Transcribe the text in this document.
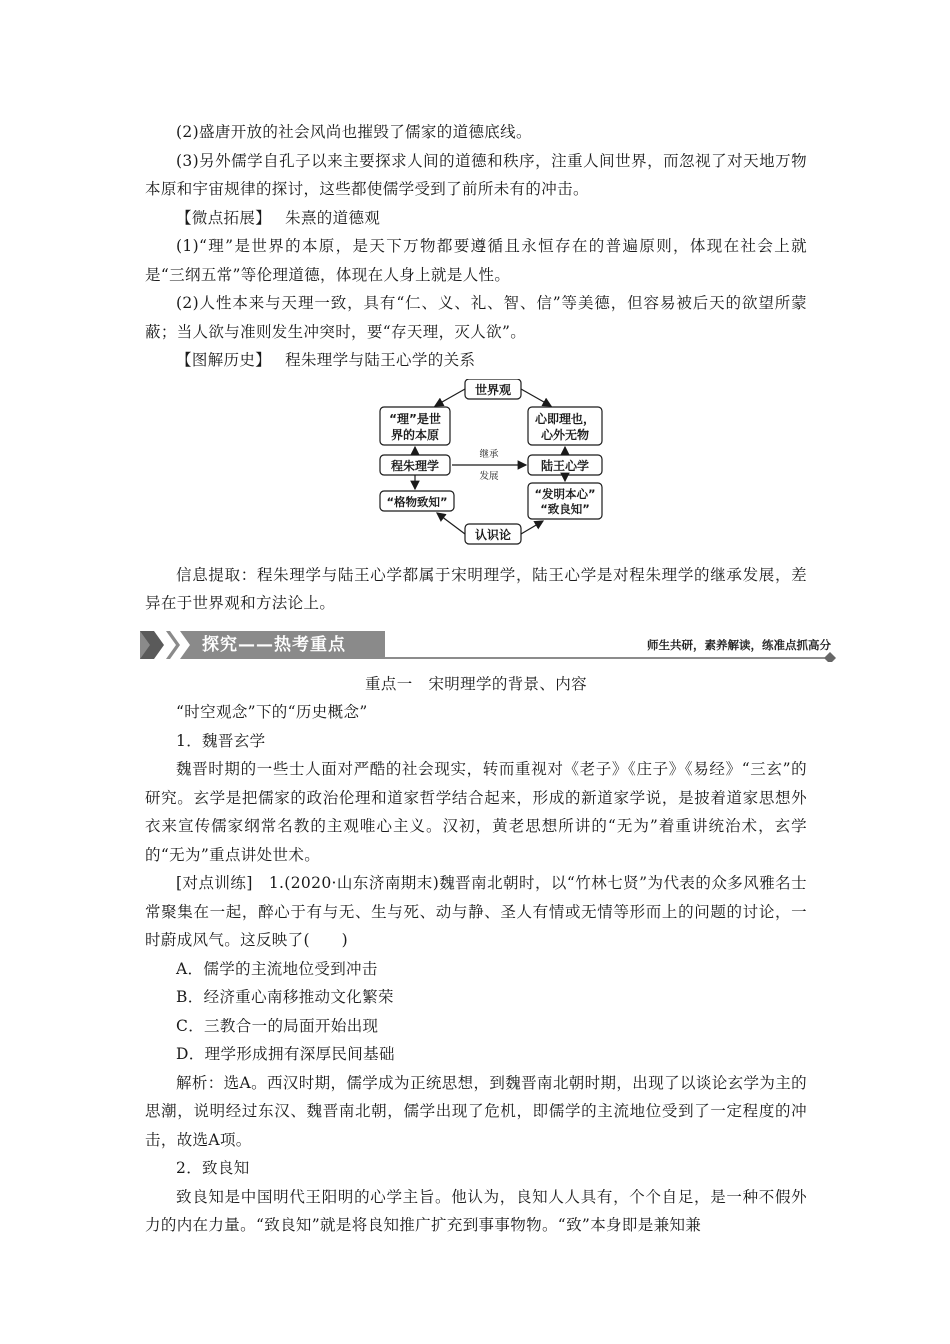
(2)盛唐开放的社会风尚也摧毁了儒家的道德底线。

(3)另外儒学自孔子以来主要探求人间的道德和秩序，注重人间世界，而忽视了对天地万物本原和宇宙规律的探讨，这些都使儒学受到了前所未有的冲击。

【微点拓展】 朱熹的道德观

(1)“理”是世界的本原，是天下万物都要遵循且永恒存在的普遍原则，体现在社会上就是“三纲五常”等伦理道德，体现在人身上就是人性。

(2)人性本来与天理一致，具有“仁、义、礼、智、信”等美德，但容易被后天的欲望所蒙蔽；当人欲与准则发生冲突时，要“存天理，灭人欲”。

【图解历史】 程朱理学与陆王心学的关系

世界观
“理”是世
界的本原
心即理也，
心外无物
程朱理学	陆王心学
“格物致知”
“发明本心”
“致良知”
认识论
继承
发展

信息提取：程朱理学与陆王心学都属于宋明理学，陆王心学是对程朱理学的继承发展，差异在于世界观和方法论上。

探究——热考重点	师生共研，素养解读，练准点抓高分

重点一　宋明理学的背景、内容

“时空观念”下的“历史概念”

1．魏晋玄学

魏晋时期的一些士人面对严酷的社会现实，转而重视对《老子》《庄子》《易经》“三玄”的研究。玄学是把儒家的政治伦理和道家哲学结合起来，形成的新道家学说，是披着道家思想外衣来宣传儒家纲常名教的主观唯心主义。汉初，黄老思想所讲的“无为”着重讲统治术，玄学的“无为”重点讲处世术。

[对点训练]　1.(2020·山东济南期末)魏晋南北朝时，以“竹林七贤”为代表的众多风雅名士常聚集在一起，醉心于有与无、生与死、动与静、圣人有情或无情等形而上的问题的讨论，一时蔚成风气。这反映了(　　)

A．儒学的主流地位受到冲击

B．经济重心南移推动文化繁荣

C．三教合一的局面开始出现

D．理学形成拥有深厚民间基础

解析：选A。西汉时期，儒学成为正统思想，到魏晋南北朝时期，出现了以谈论玄学为主的思潮，说明经过东汉、魏晋南北朝，儒学出现了危机，即儒学的主流地位受到了一定程度的冲击，故选A项。

2．致良知

致良知是中国明代王阳明的心学主旨。他认为，良知人人具有，个个自足，是一种不假外力的内在力量。“致良知”就是将良知推广扩充到事事物物。“致”本身即是兼知兼
